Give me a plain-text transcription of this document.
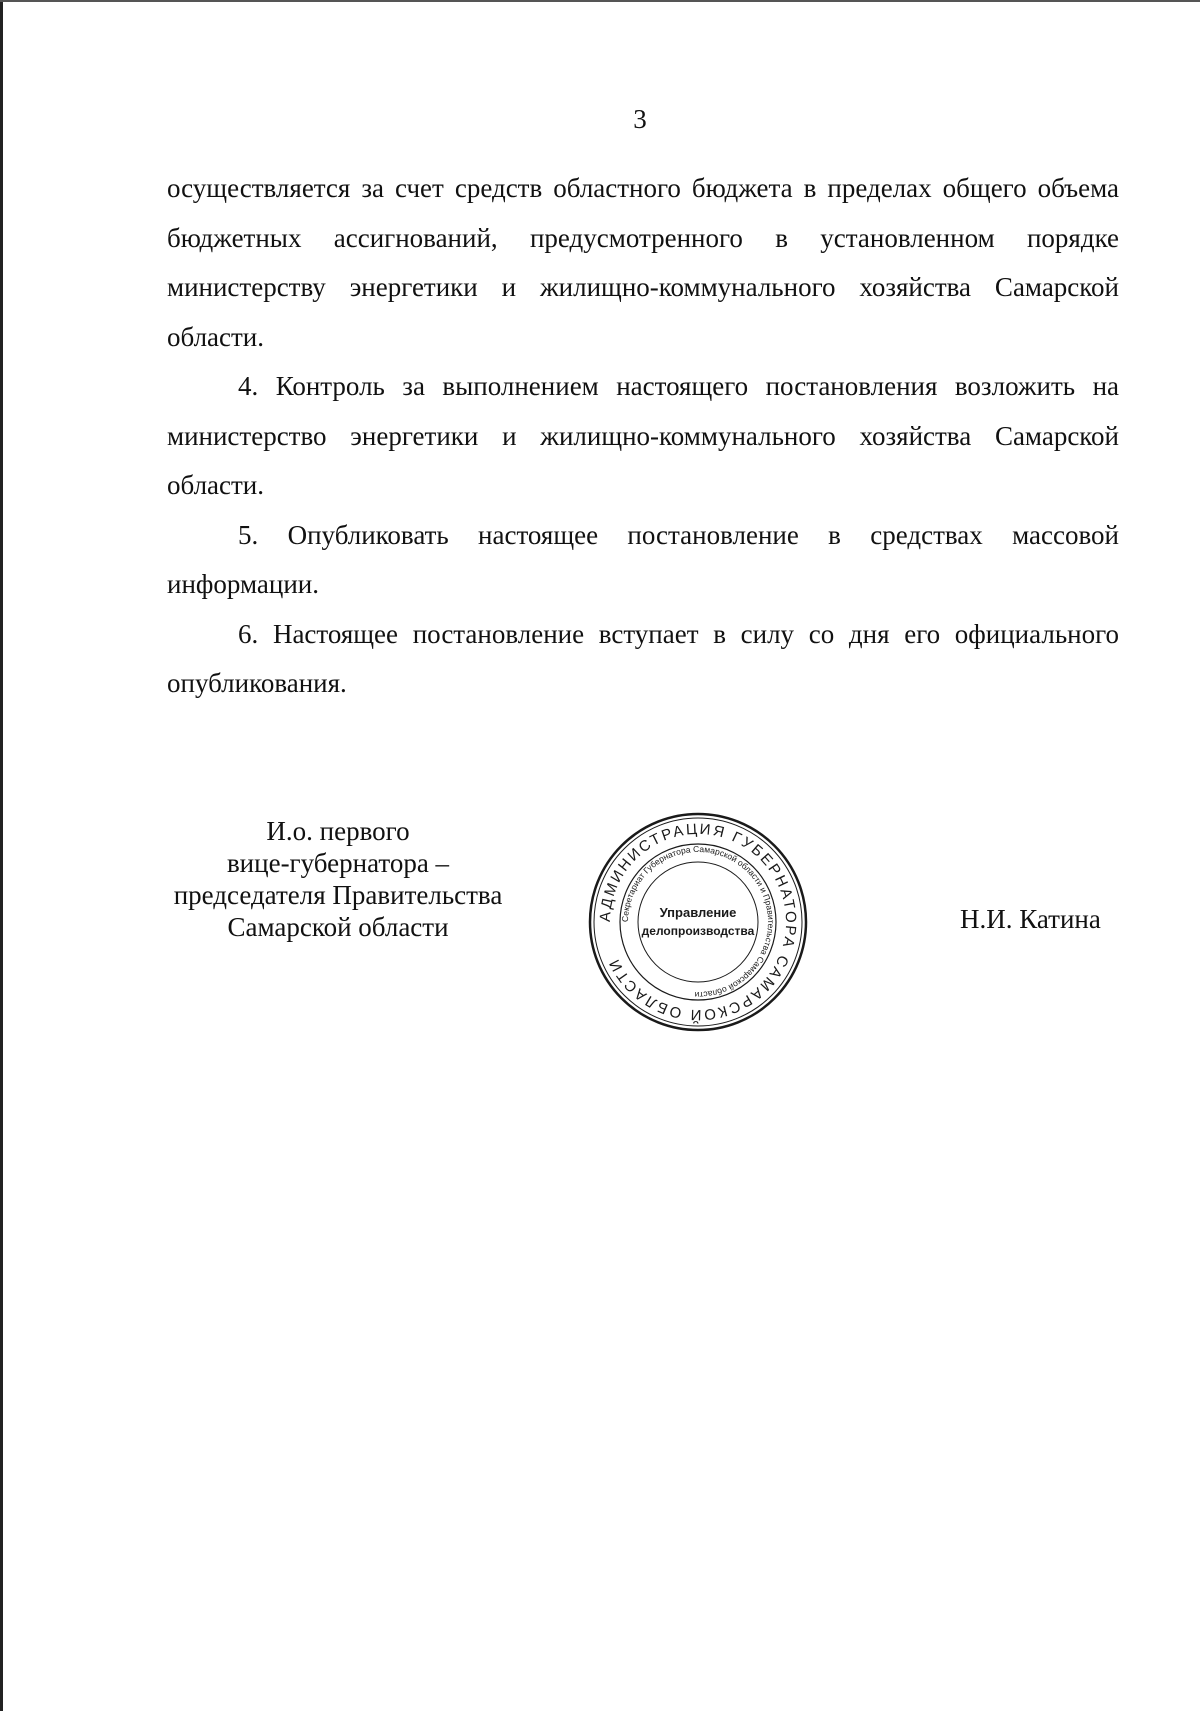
3

осуществляется за счет средств областного бюджета в пределах общего объема бюджетных ассигнований, предусмотренного в установленном порядке министерству энергетики и жилищно-коммунального хозяйства Самарской области.

4. Контроль за выполнением настоящего постановления возложить на министерство энергетики и жилищно-коммунального хозяйства Самарской области.

5. Опубликовать настоящее постановление в средствах массовой информации.

6. Настоящее постановление вступает в силу со дня его официального опубликования.

И.о. первого
вице-губернатора –
председателя Правительства
Самарской области	АДМИНИСТРАЦИЯ ГУБЕРНАТОРА САМАРСКОЙ ОБЛАСТИ
Секретариат Губернатора Самарской области и Правительства Самарской области
Управление
делопроизводства	Н.И. Катина
